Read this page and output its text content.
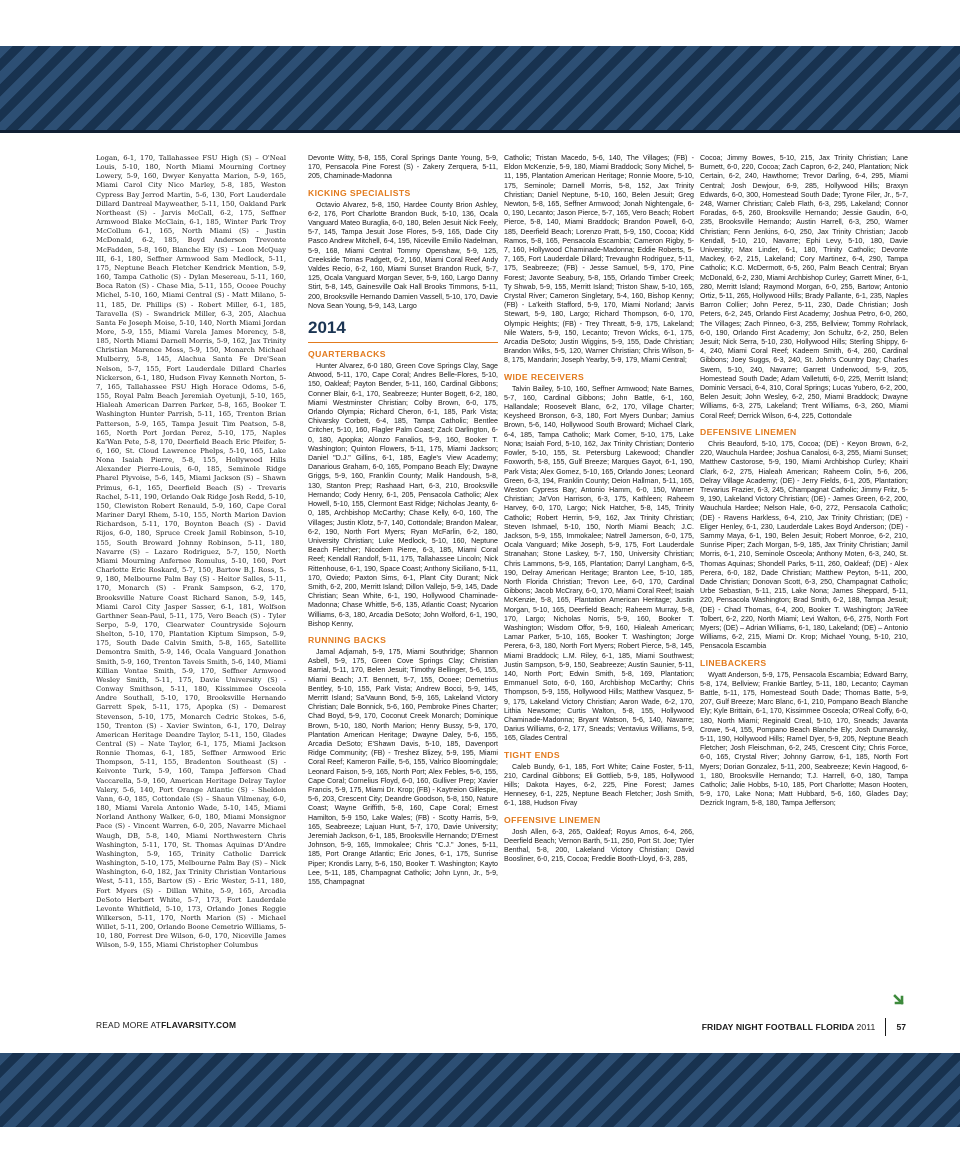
Logan, 6-1, 170, Tallahassee FSU High (S) – O'Neal Louis, 5-10, 180, North Miami Mourning Cortney Lowery, 5-9, 160, Dwyer Kenyatta Marion, 5-9, 165, Miami Carol City Nico Marley, 5-8, 185, Weston Cypress Bay Jerrod Martin, 5-6, 130, Fort Lauderdale Dillard Dantreal Mayweather, 5-11, 150, Oakland Park Northeast (S) - Jarvis McCall, 6-2, 175, Seffner Armwood Blake McClain, 6-1, 185, Winter Park Troy McCollum 6-1, 165, North Miami (S) - Justin McDonald, 6-2, 185, Boyd Anderson Trevonte McFadden, 5-8, 160, Blanche Ely (S) – Leon McQuay III, 6-1, 180, Seffner Armwood Sam Medlock, 5-11, 175, Neptune Beach Fletcher Kendrick Mention, 5-9, 160, Tampa Catholic (S) - Dylan Mesereau, 5-11, 160, Boca Raton (S) - Chase Mia, 5-11, 155, Ocoee Pouchy Michel, 5-10, 160, Miami Central (S) - Matt Milano, 5-11, 185, Dr. Phillips (S) - Robert Miller, 6-1, 185, Taravella (S) - Swandrick Miller, 6-3, 205, Alachua Santa Fe Joseph Moise, 5-10, 140, North Miami Jordan More, 5-9, 155, Miami Varela James Morency, 5-8, 185, North Miami Darnell Morris, 5-9, 162, Jax Trinity Christian Marence Moss, 5-9, 150, Monarch Michael Mulberry, 5-8, 145, Alachua Santa Fe Dre'Sean Nelson, 5-7, 155, Fort Lauderdale Dillard Charles Nickerson, 6-1, 180, Hudson Fivay Kenneth Norton, 5-7, 165, Tallahassee FSU High Horace Odoms, 5-6, 155, Royal Palm Beach Jeremiah Oyetunji, 5-10, 165, Hialeah American Darren Parker, 5-8, 165, Booker T. Washington Hunter Parrish, 5-11, 165, Trenton Brian Patterson, 5-9, 165, Tampa Jesuit Tim Peatson, 5-8, 165, North Port Jordan Perez, 5-10, 175, Naples Ka'Wan Pete, 5-8, 170, Deerfield Beach Eric Pfeifer, 5-6, 160, St. Cloud Lawrence Phelps, 5-10, 165, Lake Nona Isaiah Pierre, 5-8, 155, Hollywood Hills Alexander Pierre-Louis, 6-0, 185, Seminole Ridge Pharel Plyvoise, 5-6, 145, Miami Jackson (S) – Shawn Primus, 6-1, 165, Deerfield Beach (S) - Trevaris Rachel, 5-11, 190, Orlando Oak Ridge Josh Redd, 5-10, 150, Clewiston Robert Renauld, 5-9, 160, Cape Coral Mariner Daryl Rhem, 5-10, 155, North Marion Davion Richardson, 5-11, 170, Boynton Beach (S) - David Rijos, 6-0, 180, Spruce Creek Jamil Robinson, 5-10, 155, South Broward Johnny Robinson, 5-11, 180, Navarre (S) – Lazaro Rodriguez, 5-7, 150, North Miami Mourning Anfernee Romulus, 5-10, 160, Port Charlotte Eric Roskard, 5-7, 150, Bartow B.J. Ross, 5-9, 180, Melbourne Palm Bay (S) - Heitor Salles, 5-11, 170, Monarch (S) - Frank Sampson, 6-2, 170, Brooksville Nature Coast Richard Sanon, 5-9, 145, Miami Carol City Jasper Sasser, 6-1, 181, Wolfson Garthner Sean-Paul, 5-11, 175, Vero Beach (S) - Tyler Serpo, 5-9, 170, Clearwater Countryside Sojourn Shelton, 5-10, 170, Plantation Kiptum Simpson, 5-9, 175, South Dade Calvin Smith, 5-8, 165, Satellite Demontra Smith, 5-9, 146, Ocala Vanguard Jonathon Smith, 5-9, 160, Trenton Taveis Smith, 5-6, 140, Miami Killian Vontae Smith, 5-9, 170, Seffner Armwood Wesley Smith, 5-11, 175, Davie University (S) - Conway Smithson, 5-11, 180, Kissimmee Osceola Andre Southall, 5-10, 170, Brooksville Hernando Garrett Spek, 5-11, 175, Apopka (S) - Demarest Stevenson, 5-10, 175, Monarch Cedric Stokes, 5-6, 150, Trenton (S) - Xavier Swinton, 6-1, 170, Delray American Heritage Deandre Taylor, 5-11, 150, Glades Central (S) – Nate Taylor, 6-1, 175, Miami Jackson Ronnie Thomas, 6-1, 185, Seffner Armwood Eric Thompson, 5-11, 155, Bradenton Southeast (S) - Keivonte Turk, 5-9, 160, Tampa Jefferson Chad Vaccarella, 5-9, 160, American Heritage Delray Taylor Valery, 5-6, 140, Port Orange Atlantic (S) - Sheldon Vann, 6-0, 185, Cottondale (S) – Shaun Vilmenay, 6-0, 180, Miami Varela Antonio Wade, 5-10, 145, Miami Norland Anthony Walker, 6-0, 180, Miami Monsignor Pace (S) - Vincent Warren, 6-0, 205, Navarre Michael Waugh, DB, 5-8, 140, Miami Northwestern Chris Washington, 5-11, 170, St. Thomas Aquinas D'Andre Washington, 5-9, 165, Trinity Catholic Darrick Washington, 5-10, 175, Melbourne Palm Bay (S) – Nick Washington, 6-0, 182, Jax Trinity Christian Vontarious West, 5-11, 155, Bartow (S) - Eric Wester, 5-11, 180, Fort Myers (S) - Dillan White, 5-9, 165, Arcadia DeSoto Herbert White, 5-7, 173, Fort Lauderdale Levonte Whitfield, 5-10, 173, Orlando Jones Reggie Wilkerson, 5-11, 170, North Marion (S) - Michael Willet, 5-11, 200, Orlando Boone Cemetrio Williams, 5-10, 180, Forrest Dre Wilson, 6-0, 170, Niceville James Wilson, 5-9, 155, Miami Christopher Columbus

Devonte Witty, 5-8, 155, Coral Springs Dante Young, 5-9, 170, Pensacola Pine Forest (S) - Zakery Zerquera, 5-11, 205, Chaminade-Madonna

KICKING SPECIALISTS

Octavio Alvarez, 5-8, 150, Hardee County Brion Ashley, 6-2, 176, Port Charlotte Brandon Buck, 5-10, 136, Ocala Vanguard Mateo Buraglia, 6-0, 180, Belen Jesuit Nick Feely, 5-7, 145, Tampa Jesuit Jose Flores, 5-9, 165, Dade City Pasco Andrew Mitchell, 6-4, 195, Niceville Emilio Nadelman, 5-9, 168, Miami Central Tommy Openshaw, 5-9, 125, Creekside Tomas Padgett, 6-2, 160, Miami Coral Reef Andy Valdes Recio, 6-2, 160, Miami Sunset Brandon Ruck, 5-7, 125, Ocala Vanguard Morgan Sever, 5-9, 160, Largo Danny Stirt, 5-8, 145, Gainesville Oak Hall Brooks Timmons, 5-11, 200, Brooksville Hernando Damien Vassell, 5-10, 170, Davie Nova Sean Young, 5-9, 143, Largo

2014
QUARTERBACKS

Hunter Alvarez, 6-0 180, Green Cove Springs Clay, Sage Atwood, 5-11, 170, Cape Coral; Andres Belle-Flores, 5-10, 150, Oakleaf; Payton Bender, 5-11, 160, Cardinal Gibbons; Conner Blair, 6-1, 170, Seabreeze; Hunter Bogett, 6-2, 180, Miami Westminster Christian; Colby Brown, 6-0, 175, Orlando Olympia; Richard Cheron, 6-1, 185, Park Vista; Chivarsky Corbett, 6-4, 185, Tampa Catholic; Bentlee Critcher, 5-10, 160, Flagler Palm Coast; Zack Darlington, 6-0, 180, Apopka; Alonzo Fanalios, 5-9, 160, Booker T. Washington; Quinton Flowers, 5-11, 175, Miami Jackson; Daniel "D.J." Gillins, 6-1, 185, Eagle's View Academy; Danarious Graham, 6-0, 165, Pompano Beach Ely; Dwayne Griggs, 5-9, 160, Franklin County; Malik Handoush, 5-8, 130, Stanton Prep; Rashaad Hart, 6-3, 210, Brooksville Hernando; Cody Henry, 6-1, 205, Pensacola Catholic; Alex Howell, 5-10, 155, Clermont East Ridge; Nicholas Jeanty, 6-0, 185, Archbishop McCarthy; Chase Kelly, 6-0, 160, The Villages; Justin Klotz, 5-7, 140, Cottondale; Brandon Malear, 6-2, 190, North Fort Myers; Ryan McFarlin, 6-2, 180, University Christian; Luke Medlock, 5-10, 160, Neptune Beach Fletcher; Nicodem Pierre, 6-3, 185, Miami Coral Reef; Kendall Randolf, 5-11, 175, Tallahassee Lincoln; Nick Rittenhouse, 6-1, 190, Space Coast; Anthony Siciliano, 5-11, 170, Oviedo; Paxton Sims, 6-1, Plant City Durant; Nick Smith, 6-2, 200, Merritt Island; Dillon Vallejo, 5-9, 145, Dade Christian; Sean White, 6-1, 190, Hollywood Chaminade-Madonna; Chase Whittle, 5-6, 135, Atlantic Coast; Nycarion Williams, 6-3, 180, Arcadia DeSoto; John Wolford, 6-1, 190, Bishop Kenny,

RUNNING BACKS

Jamal Adjamah, 5-9, 175, Miami Southridge; Shannon Asbell, 5-9, 175, Green Cove Springs Clay; Christian Barrial, 5-11, 170, Belen Jesuit; Timothy Bellinger, 5-6, 155, Miami Beach; J.T. Bennett, 5-7, 155, Ocoee; Demetrius Bentley, 5-10, 155, Park Vista; Andrew Bocci, 5-9, 145, Merritt Island; Sa'Vaunn Bond, 5-9, 165, Lakeland Victory Christian; Dale Bonnick, 5-6, 160, Pembroke Pines Charter; Chad Boyd, 5-9, 170, Coconut Creek Monarch; Dominique Brown, 5-10, 180, North Marion; Henry Bussy, 5-9, 170, Plantation American Heritage; Dwayne Daley, 5-6, 155, Arcadia DeSoto; E'Shawn Davis, 5-10, 185, Davenport Ridge Community; (FB) - Treshez Blizey, 5-9, 195, Miami Coral Reef; Kameron Faille, 5-6, 155, Valrico Bloomingdale; Leonard Faison, 5-9, 165, North Port; Alex Febles, 5-6, 155, Cape Coral; Cornelius Floyd, 6-0, 160, Gulliver Prep; Xavier Francis, 5-9, 175, Miami Dr. Krop; (FB) - Kaytreion Gillespie, 5-6, 203, Crescent City; Deandre Goodson, 5-8, 150, Nature Coast; Wayne Griffith, 5-8, 160, Cape Coral; Ernest Hamilton, 5-9 150, Lake Wales; (FB) - Scotty Harris, 5-9, 165, Seabreeze; Lajuan Hunt, 5-7, 170, Davie University; Jeremiah Jackson, 6-1, 185, Brooksville Hernando; D'Ernest Johnson, 5-9, 165, Immokalee; Chris "C.J." Jones, 5-11, 185, Port Orange Atlantic; Eric Jones, 6-1, 175, Sunrise Piper; Krondis Larry, 5-6, 150, Booker T. Washington; Kayto Lee, 5-11, 185, Champagnat Catholic; John Lynn, Jr., 5-9, 155, Champagnat

Catholic; Tristan Macedo, 5-6, 140, The Villages; (FB) - Eldon McKenzie, 5-9, 180, Miami Braddock; Sony Michel, 5-11, 195, Plantation American Heritage; Ronnie Moore, 5-10, 175, Seminole; Darnell Morris, 5-8, 152, Jax Trinity Christian; Daniel Neptune, 5-10, 160, Belen Jesuit; Greg Newton, 5-8, 165, Seffner Armwood; Jonah Nightengale, 6-0, 190, Lecanto; Jason Pierce, 5-7, 165, Vero Beach; Robert Pierce, 5-8, 140, Miami Braddock; Brandon Powell, 6-0, 185, Deerfield Beach; Lorenzo Pratt, 5-9, 150, Cocoa; Kidd Ramos, 5-8, 165, Pensacola Escambia; Cameron Rigby, 5-7, 160, Hollywood Chaminade-Madonna; Eddie Roberts, 5-7, 165, Fort Lauderdale Dillard; Trevaughn Rodriguez, 5-11, 175, Seabreeze; (FB) - Jesse Samuel, 5-9, 170, Pine Forest; Javonte Seabury, 5-8, 155, Orlando Timber Creek; Ty Shwab, 5-9, 155, Merritt Island; Triston Shaw, 5-10, 165, Crystal River; Cameron Singletary, 5-4, 160, Bishop Kenny; (FB) - La'keith Stafford, 5-9, 170, Miami Norland; Jarvis Stewart, 5-9, 180, Largo; Richard Thompson, 6-0, 170, Olympic Heights; (FB) - Trey Threatt, 5-9, 175, Lakeland; Nile Waters, 5-9, 150, Lecanto; Trevon Wicks, 6-1, 175, Arcadia DeSoto; Justin Wiggins, 5-9, 155, Dade Christian; Brandon Wilks, 5-5, 120, Warner Christian; Chris Wilson, 5-8, 175, Mandarin; Joseph Yearby, 5-9, 179, Miami Central;

WIDE RECEIVERS

Talvin Bailey, 5-10, 160, Seffner Armwood; Nate Barnes, 5-7, 160, Cardinal Gibbons; John Battle, 6-1, 160, Hallandale; Roosevelt Blanc, 6-2, 170, Village Charter; Keysheed Bronson, 6-3, 180, Fort Myers Dunbar; Jamius Brown, 5-6, 140, Hollywood South Broward; Michael Clark, 6-4, 185, Tampa Catholic; Mark Comer, 5-10, 175, Lake Nona; Isaiah Ford, 5-10, 162, Jax Trinity Christian; Donterio Fowler, 5-10, 155, St. Petersburg Lakewood; Chandler Foxworth, 5-8, 155, Gulf Breeze; Marques Gayot, 6-1, 190, Park Vista; Alex Gomez, 5-10, 165, Orlando Jones; Leonard Green, 6-3, 194, Franklin County; Deion Hallman, 5-11, 165, Weston Cypress Bay; Antonio Hamm, 6-0, 150, Warner Christian; Ja'Von Harrison, 6-3, 175, Kathleen; Raheem Harvey, 6-0, 170, Largo; Nick Hatcher, 5-8, 145, Trinity Catholic; Robert Herrin, 5-9, 162, Jax Trinity Christian; Steven Ishmael, 5-10, 150, North Miami Beach; J.C. Jackson, 5-9, 155, Immokalee; Natrell Jamerson, 6-0, 175, Ocala Vanguard; Mike Joseph, 5-9, 175, Fort Lauderdale Stranahan; Stone Laskey, 5-7, 150, University Christian; Chris Lammons, 5-9, 165, Plantation; Darryl Langham, 6-5, 190, Delray American Heritage; Branton Lee, 5-10, 185, North Florida Christian; Trevon Lee, 6-0, 170, Cardinal Gibbons; Jacob McCrary, 6-0, 170, Miami Coral Reef; Isaiah McKenzie, 5-8, 165, Plantation American Heritage; Justin Morgan, 5-10, 165, Deerfield Beach; Raheem Murray, 5-8, 170, Largo; Nicholas Norris, 5-9, 160, Booker T. Washington; Wisdom Offor, 5-9, 160, Hialeah American; Lamar Parker, 5-10, 165, Booker T. Washington; Jorge Perera, 6-3, 180, North Fort Myers; Robert Pierce, 5-8, 145, Miami Braddock; L.M. Riley, 6-1, 185, Miami Southwest; Justin Sampson, 5-9, 150, Seabreeze; Austin Saunier, 5-11, 140, North Port; Edwin Smith, 5-8, 169, Plantation; Emmanuel Soto, 6-0, 160, Archbishop McCarthy; Chris Thompson, 5-9, 155, Hollywood Hills; Matthew Vasquez, 5-9, 175, Lakeland Victory Christian; Aaron Wade, 6-2, 170, Lithia Newsome; Curtis Walton, 5-8, 155, Hollywood Chaminade-Madonna; Bryant Watson, 5-6, 140, Navarre; Darius Williams, 6-2, 177, Sneads; Ventavius Williams, 5-9, 165, Glades Central

TIGHT ENDS

Caleb Bundy, 6-1, 185, Fort White; Caine Foster, 5-11, 210, Cardinal Gibbons; Eli Gottlieb, 5-9, 185, Hollywood Hills; Dakota Hayes, 6-2, 225, Pine Forest; James Hennesey, 6-1, 225, Neptune Beach Fletcher; Josh Smith, 6-1, 188, Hudson Fivay

OFFENSIVE LINEMEN

Josh Allen, 6-3, 265, Oakleaf; Royus Amos, 6-4, 266, Deerfield Beach; Vernon Barth, 5-11, 250, Port St. Joe; Tyler Benthal, 5-8, 200, Lakeland Victory Christian; David Boosliner, 6-0, 215, Cocoa; Freddie Booth-Lloyd, 6-3, 285,

Cocoa; Jimmy Bowes, 5-10, 215, Jax Trinity Christian; Lane Burnett, 6-0, 220, Cocoa; Zach Capron, 6-2, 240, Plantation; Nick Certain, 6-2, 240, Hawthorne; Trevor Darling, 6-4, 295, Miami Central; Josh Dewjour, 6-9, 285, Hollywood Hills; Braxyn Edwards, 6-0, 300, Homestead South Dade; Tyrone Filer, Jr., 5-7, 248, Warner Christian; Caleb Flath, 6-3, 295, Lakeland; Connor Foradas, 6-5, 260, Brooksville Hernando; Jessie Gaudin, 6-0, 235, Brooksville Hernando; Austin Harrell, 6-3, 250, Warner Christian; Fenn Jenkins, 6-0, 250, Jax Trinity Christian; Jacob Kendall, 5-10, 210, Navarre; Ephi Levy, 5-10, 180, Davie University; Max Linder, 6-1, 180, Trinity Catholic; Devonte Mackey, 6-2, 215, Lakeland; Cory Martinez, 6-4, 290, Tampa Catholic; K.C. McDermott, 6-5, 260, Palm Beach Central; Bryan McDonald, 6-2, 230, Miami Archbishop Curley; Garrett Miner, 6-1, 280, Merritt Island; Raymond Morgan, 6-0, 255, Bartow; Antonio Ortiz, 5-11, 265, Hollywood Hills; Brady Pallante, 6-1, 235, Naples Barron Collier; John Perez, 5-11, 230, Dade Christian; Josh Peters, 6-2, 245, Orlando First Academy; Joshua Petro, 6-0, 260, The Villages; Zach Pinneo, 6-3, 255, Bellview; Tommy Rohrlack, 6-0, 190, Orlando First Academy; Jon Schultz, 6-2, 250, Belen Jesuit; Nick Serra, 5-10, 230, Hollywood Hills; Sterling Shippy, 6-4, 240, Miami Coral Reef; Kadeem Smith, 6-4, 260, Cardinal Gibbons; Joey Suggs, 6-3, 240, St. John's Country Day; Charles Swem, 5-10, 240, Navarre; Garrett Underwood, 5-9, 205, Homestead South Dade; Adam Valletutti, 6-0, 225, Merritt Island; Dominic Versaci, 6-4, 310, Coral Springs; Lucas Yubero, 6-2, 200, Belen Jesuit; John Wesley, 6-2, 250, Miami Braddock; Dwayne Williams, 6-3, 275, Lakeland; Trent Williams, 6-3, 260, Miami Coral Reef; Derrick Wilson, 6-4, 225, Cottondale

DEFENSIVE LINEMEN

Chris Beauford, 5-10, 175, Cocoa; (DE) - Keyon Brown, 6-2, 220, Wauchula Hardee; Joshua Canalosi, 6-3, 255, Miami Sunset; Matthew Castorose, 5-9, 190, Miami Archbishop Curley; Khairi Clark, 6-2, 275, Hialeah American; Raheem Colin, 5-6, 206, Delray Village Academy; (DE) - Jerry Fields, 6-1, 205, Plantation; Trevarius Frazier, 6-3, 245, Champagnat Catholic; Jimmy Fritz, 5-9, 190, Lakeland Victory Christian; (DE) - James Green, 6-2, 200, Wauchula Hardee; Nelson Hale, 6-0, 272, Pensacola Catholic; (DE) - Ravens Harkless, 6-4, 210, Jax Trinity Christian; (DE) - Eliger Henley, 6-1, 230, Lauderdale Lakes Boyd Anderson; (DE) - Sammy Maya, 6-1, 190, Belen Jesuit; Robert Monroe, 6-2, 210, Sunrise Piper; Zach Morgan, 5-9, 185, Jax Trinity Christian; Jamil Morris, 6-1, 210, Seminole Osceola; Anthony Moten, 6-3, 240, St. Thomas Aquinas; Shondell Parks, 5-11, 260, Oakleaf; (DE) - Alex Perera, 6-0, 182, Dade Christian; Matthew Peyton, 5-11, 200, Dade Christian; Donovan Scott, 6-3, 250, Champagnat Catholic; Urbe Sebastian, 5-11, 215, Lake Nona; James Sheppard, 5-11, 220, Pensacola Washington; Brad Smith, 6-2, 188, Tampa Jesuit; (DE) - Chad Thomas, 6-4, 200, Booker T. Washington; Ja'Ree Tolbert, 6-2, 220, North Miami; Levi Walton, 6-6, 275, North Fort Myers; (DE) – Adrian Williams, 6-1, 180, Lakeland; (DE) – Antonio Williams, 6-2, 215, Miami Dr. Krop; Michael Young, 5-10, 210, Pensacola Escambia

LINEBACKERS

Wyatt Anderson, 5-9, 175, Pensacola Escambia; Edward Barry, 5-8, 174, Bellview; Frankie Bartley, 5-11, 180, Lecanto; Cayman Battle, 5-11, 175, Homestead South Dade; Thomas Batte, 5-9, 207, Gulf Breeze; Marc Blanc, 6-1, 210, Pompano Beach Blanche Ely; Kyle Brittain, 6-1, 170, Kissimmee Osceola; O'Real Coffy, 6-0, 180, North Miami; Reginald Creal, 5-10, 170, Sneads; Javanta Crowe, 5-4, 155, Pompano Beach Blanche Ely; Josh Dumansky, 5-11, 190, Hollywood Hills; Ramel Dyer, 5-9, 205, Neptune Beach Fletcher; Josh Fleischman, 6-2, 245, Crescent City; Chris Force, 6-0, 165, Crystal River; Johnny Garrow, 6-1, 185, North Fort Myers; Dorian Gonzalez, 5-11, 200, Seabreeze; Kevin Hagood, 6-1, 180, Brooksville Hernando; T.J. Harrell, 6-0, 180, Tampa Catholic; Jalie Hobbs, 5-10, 185, Port Charlotte; Mason Hooten, 5-9, 170, Lake Nona; Matt Hubbard, 5-6, 160, Glades Day; Dezrick Ingram, 5-8, 180, Tampa Jefferson;

READ MORE ATFLAVARSITY.COM	FRIDAY NIGHT FOOTBALL FLORIDA 2011 57
